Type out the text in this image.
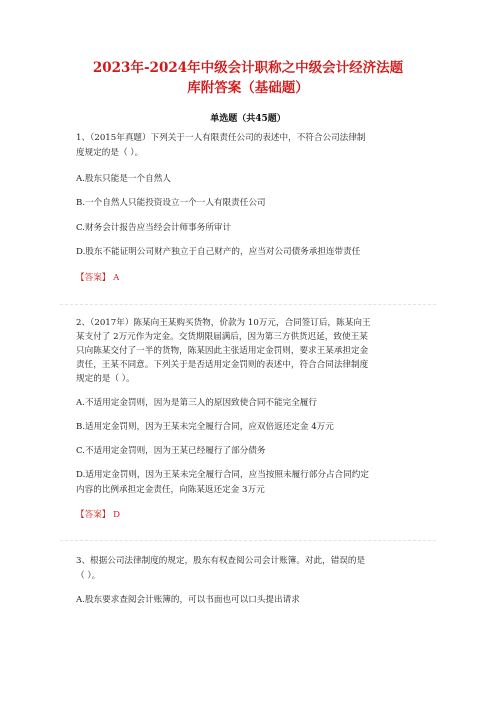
2023年-2024年中级会计职称之中级会计经济法题
库附答案（基础题）
单选题（共45题）
1、（2015年真题）下列关于一人有限责任公司的表述中，不符合公司法律制
度规定的是（ ）。
A.股东只能是一个自然人
B.一个自然人只能投资设立一个一人有限责任公司
C.财务会计报告应当经会计师事务所审计
D.股东不能证明公司财产独立于自己财产的，应当对公司债务承担连带责任
【答案】 A
2、（2017年）陈某向王某购买货物，价款为 10万元，合同签订后，陈某向王
某支付了 2万元作为定金。交货期限届满后，因为第三方供货迟延，致使王某
只向陈某交付了一半的货物，陈某因此主张适用定金罚则，要求王某承担定金
责任，王某不同意。下列关于是否适用定金罚则的表述中，符合合同法律制度
规定的是（ ）。
A.不适用定金罚则，因为是第三人的原因致使合同不能完全履行
B.适用定金罚则，因为王某未完全履行合同，应双倍返还定金 4万元
C.不适用定金罚则，因为王某已经履行了部分债务
D.适用定金罚则，因为王某未完全履行合同，应当按照未履行部分占合同约定
内容的比例承担定金责任，向陈某返还定金 3万元
【答案】 D
3、根据公司法律制度的规定，股东有权查阅公司会计账簿。对此，错误的是
（ ）。
A.股东要求查阅会计账簿的，可以书面也可以口头提出请求
